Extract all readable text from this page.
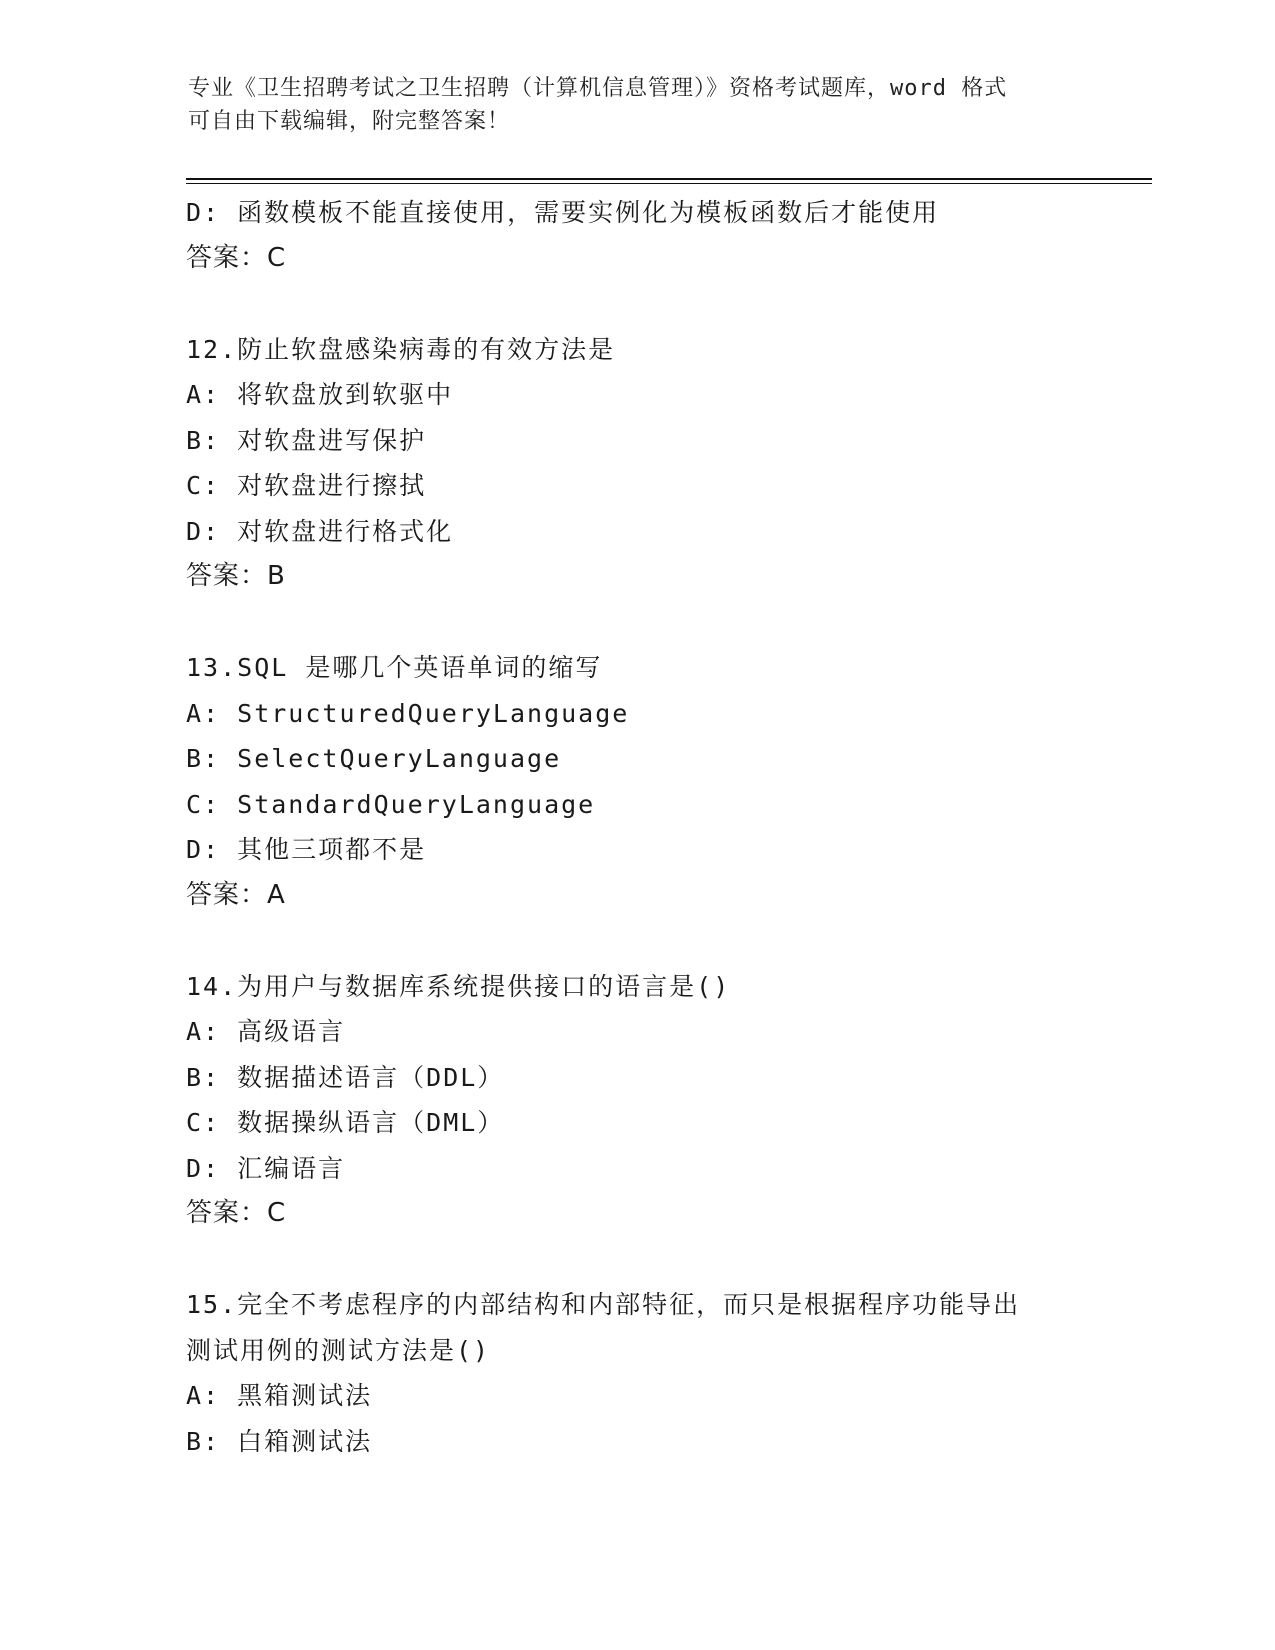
专业《卫生招聘考试之卫生招聘（计算机信息管理）》资格考试题库，word 格式
可自由下载编辑，附完整答案！
D: 函数模板不能直接使用，需要实例化为模板函数后才能使用
答案：C
12.防止软盘感染病毒的有效方法是
A: 将软盘放到软驱中
B: 对软盘进写保护
C: 对软盘进行擦拭
D: 对软盘进行格式化
答案：B
13.SQL 是哪几个英语单词的缩写
A: StructuredQueryLanguage
B: SelectQueryLanguage
C: StandardQueryLanguage
D: 其他三项都不是
答案：A
14.为用户与数据库系统提供接口的语言是()
A: 高级语言
B: 数据描述语言（DDL）
C: 数据操纵语言（DML）
D: 汇编语言
答案：C
15.完全不考虑程序的内部结构和内部特征，而只是根据程序功能导出
测试用例的测试方法是()
A: 黑箱测试法
B: 白箱测试法
